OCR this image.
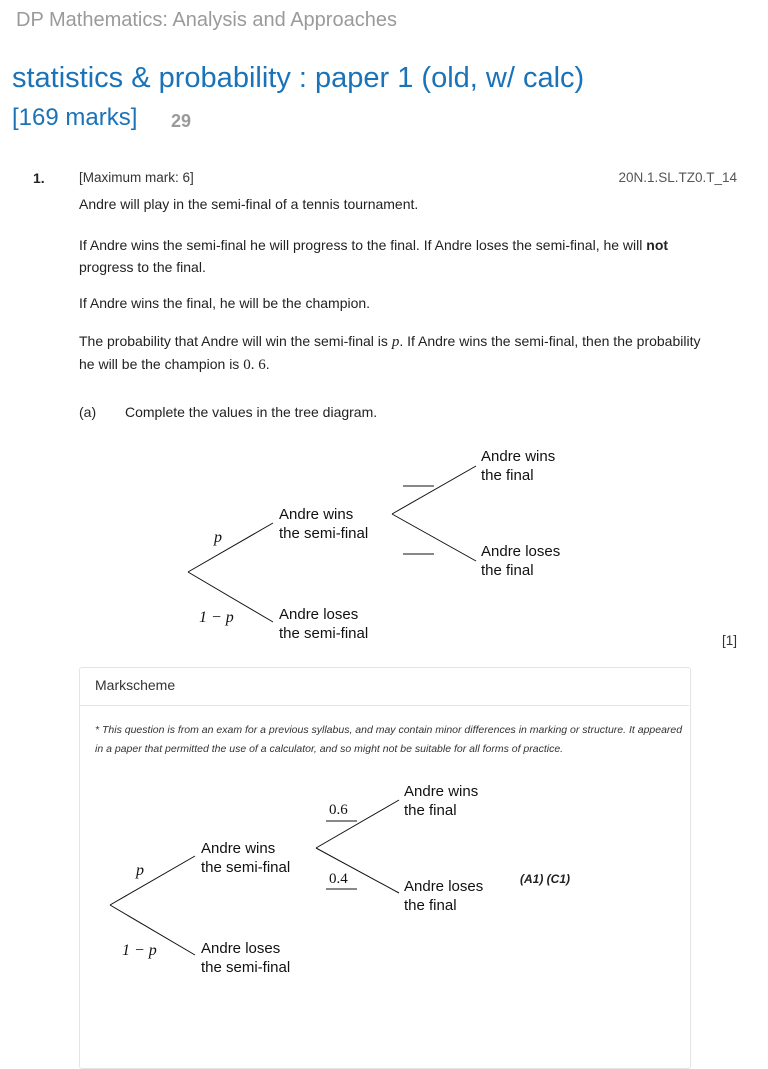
DP Mathematics: Analysis and Approaches
statistics & probability : paper 1 (old, w/ calc)
[169 marks] 29
1.	[Maximum mark: 6]	20N.1.SL.TZ0.T_14
Andre will play in the semi-final of a tennis tournament.
If Andre wins the semi-final he will progress to the final. If Andre loses the semi-final, he will not progress to the final.
If Andre wins the final, he will be the champion.
The probability that Andre will win the semi-final is p. If Andre wins the semi-final, then the probability he will be the champion is 0. 6.
(a) Complete the values in the tree diagram.
p
1 − p
Andre wins
the semi-final
Andre loses
the semi-final
Andre wins
the final
Andre loses
the final
[1]
Markscheme
* This question is from an exam for a previous syllabus, and may contain minor differences in marking or structure. It appeared in a paper that permitted the use of a calculator, and so might not be suitable for all forms of practice.
p
1 − p
Andre wins
the semi-final
Andre loses
the semi-final
Andre wins
the final
Andre loses
the final
0.6
0.4	(A1) (C1)
